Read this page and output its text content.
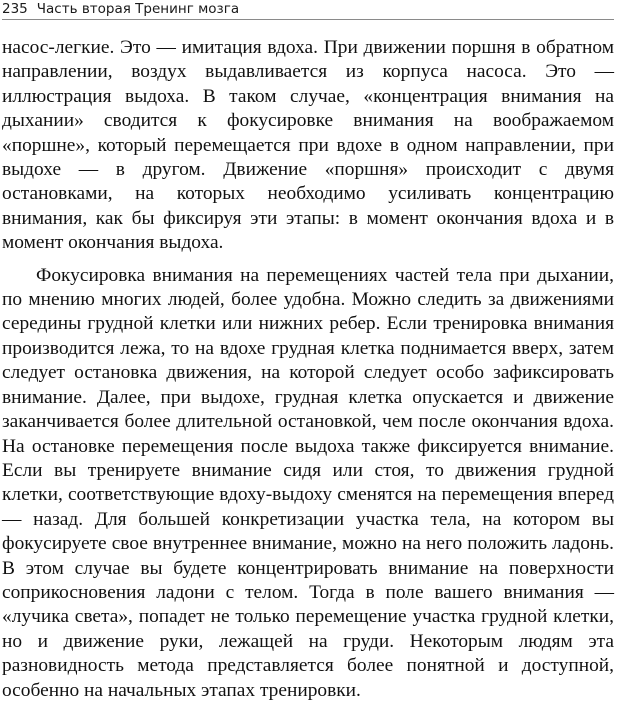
235 Часть вторая Тренинг мозга

насос-легкие. Это — имитация вдоха. При движении поршня в обратном направлении, воздух выдавливается из корпуса насоса. Это — иллюстрация выдоха. В таком случае, «концентрация внимания на дыхании» сводится к фокусировке внимания на воображаемом «поршне», который перемещается при вдохе в одном направлении, при выдохе — в другом. Движение «поршня» происходит с двумя остановками, на которых необходимо усиливать концентрацию внимания, как бы фиксируя эти этапы: в момент окончания вдоха и в момент окончания выдоха.

Фокусировка внимания на перемещениях частей тела при дыхании, по мнению многих людей, более удобна. Можно следить за движениями середины грудной клетки или нижних ребер. Если тренировка внимания производится лежа, то на вдохе грудная клетка поднимается вверх, затем следует остановка движения, на которой следует особо зафиксировать внимание. Далее, при выдохе, грудная клетка опускается и движение заканчивается более длительной остановкой, чем после окончания вдоха. На остановке перемещения после выдоха также фиксируется внимание. Если вы тренируете внимание сидя или стоя, то движения грудной клетки, соответствующие вдоху-выдоху сменятся на перемещения вперед — назад. Для большей конкретизации участка тела, на котором вы фокусируете свое внутреннее внимание, можно на него положить ладонь. В этом случае вы будете концентрировать внимание на поверхности соприкосновения ладони с телом. Тогда в поле вашего внимания — «лучика света», попадет не только перемещение участка грудной клетки, но и движение руки, лежащей на груди. Некоторым людям эта разновидность метода представляется более понятной и доступной, особенно на начальных этапах тренировки.
